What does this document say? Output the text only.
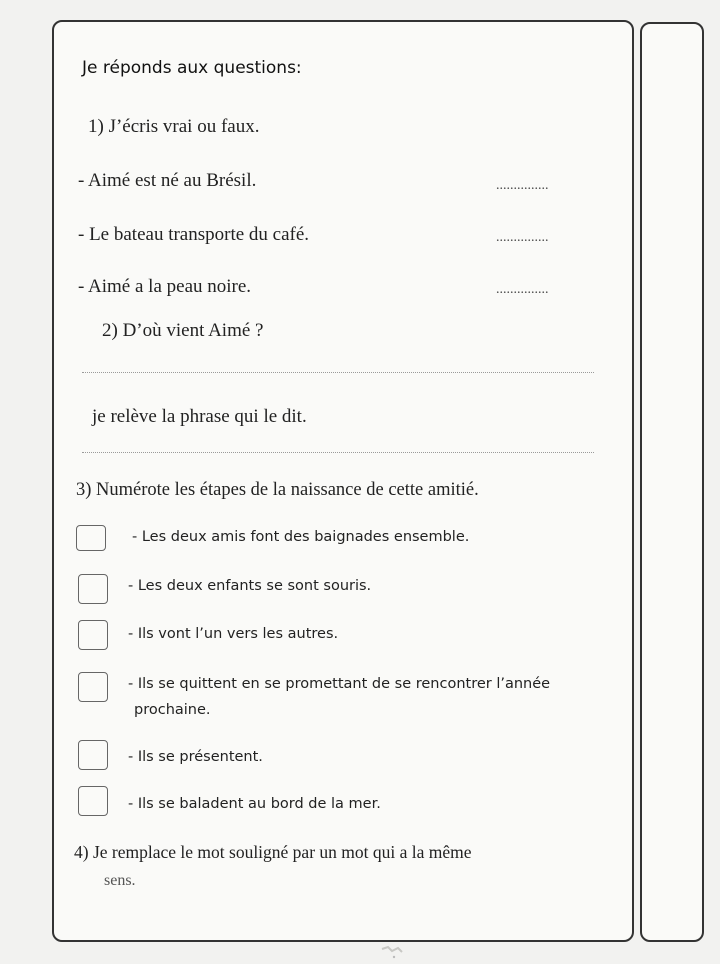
Je réponds aux questions:
1) J’écris vrai ou faux.
- Aimé est né au Brésil.	...............
- Le bateau transporte du café.	...............
- Aimé a la peau noire.	...............
2) D’où vient Aimé ?
je relève la phrase qui le dit.
3) Numérote les étapes de la naissance de cette amitié.
- Les deux amis font des baignades ensemble.
- Les deux enfants se sont souris.
- Ils vont l’un vers les autres.
- Ils se quittent en se promettant de se rencontrer l’année
prochaine.
- Ils se présentent.
- Ils se baladent au bord de la mer.
4) Je remplace le mot souligné par un mot qui a la même
sens.
